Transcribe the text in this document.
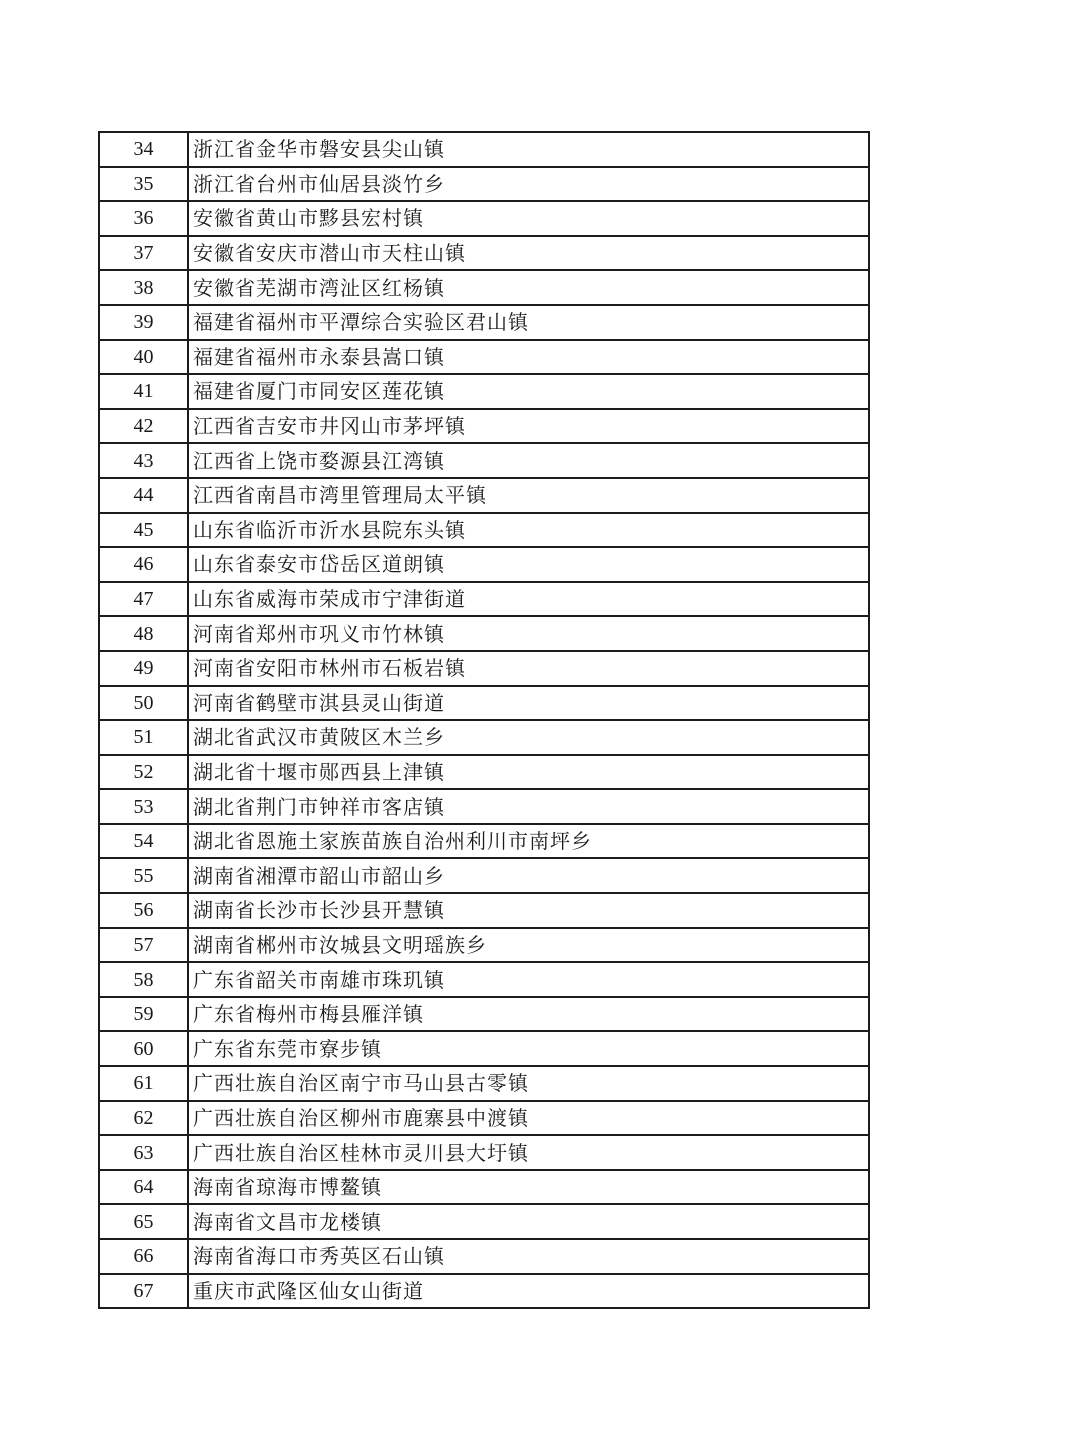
34	浙江省金华市磐安县尖山镇
35	浙江省台州市仙居县淡竹乡
36	安徽省黄山市黟县宏村镇
37	安徽省安庆市潜山市天柱山镇
38	安徽省芜湖市湾沚区红杨镇
39	福建省福州市平潭综合实验区君山镇
40	福建省福州市永泰县嵩口镇
41	福建省厦门市同安区莲花镇
42	江西省吉安市井冈山市茅坪镇
43	江西省上饶市婺源县江湾镇
44	江西省南昌市湾里管理局太平镇
45	山东省临沂市沂水县院东头镇
46	山东省泰安市岱岳区道朗镇
47	山东省威海市荣成市宁津街道
48	河南省郑州市巩义市竹林镇
49	河南省安阳市林州市石板岩镇
50	河南省鹤壁市淇县灵山街道
51	湖北省武汉市黄陂区木兰乡
52	湖北省十堰市郧西县上津镇
53	湖北省荆门市钟祥市客店镇
54	湖北省恩施土家族苗族自治州利川市南坪乡
55	湖南省湘潭市韶山市韶山乡
56	湖南省长沙市长沙县开慧镇
57	湖南省郴州市汝城县文明瑶族乡
58	广东省韶关市南雄市珠玑镇
59	广东省梅州市梅县雁洋镇
60	广东省东莞市寮步镇
61	广西壮族自治区南宁市马山县古零镇
62	广西壮族自治区柳州市鹿寨县中渡镇
63	广西壮族自治区桂林市灵川县大圩镇
64	海南省琼海市博鳌镇
65	海南省文昌市龙楼镇
66	海南省海口市秀英区石山镇
67	重庆市武隆区仙女山街道
